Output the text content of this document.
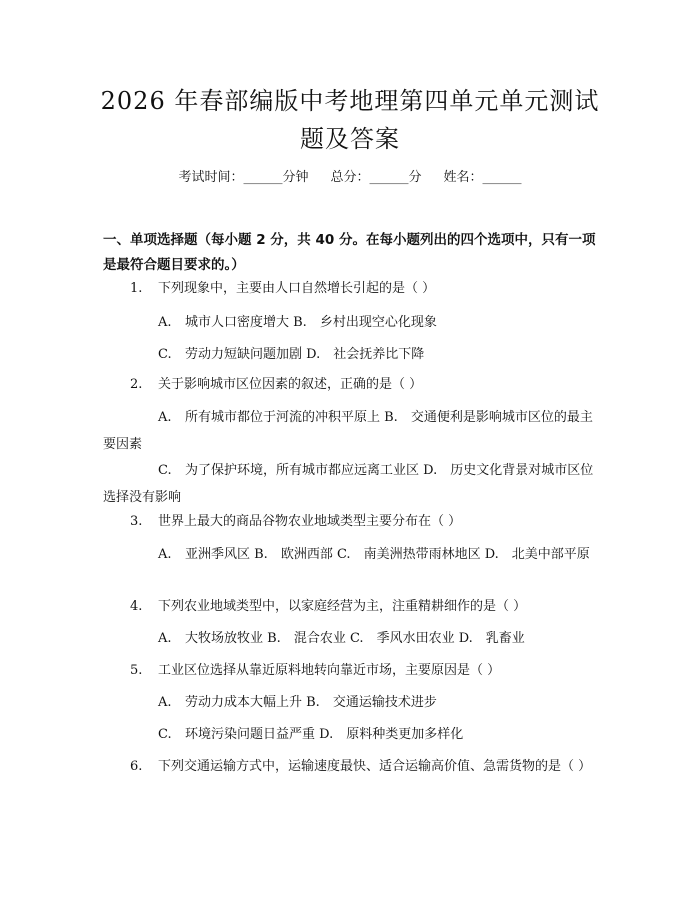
2026 年春部编版中考地理第四单元单元测试
题及答案
考试时间：______分钟 总分：______分 姓名：______
一、单项选择题（每小题 2 分，共 40 分。在每小题列出的四个选项中，只有一项是最符合题目要求的。）
1. 下列现象中，主要由人口自然增长引起的是（ ）
A. 城市人口密度增大 B.　乡村出现空心化现象
C. 劳动力短缺问题加剧 D.　社会抚养比下降
2. 关于影响城市区位因素的叙述，正确的是（ ）
A. 所有城市都位于河流的冲积平原上 B.　交通便利是影响城市区位的最主要因素
C. 为了保护环境，所有城市都应远离工业区 D.　历史文化背景对城市区位选择没有影响
3. 世界上最大的商品谷物农业地域类型主要分布在（ ）
A. 亚洲季风区 B.　欧洲西部 C.　南美洲热带雨林地区 D.　北美中部平原
4. 下列农业地域类型中，以家庭经营为主，注重精耕细作的是（ ）
A. 大牧场放牧业 B.　混合农业 C.　季风水田农业 D.　乳畜业
5. 工业区位选择从靠近原料地转向靠近市场，主要原因是（ ）
A. 劳动力成本大幅上升 B.　交通运输技术进步
C. 环境污染问题日益严重 D.　原料种类更加多样化
6. 下列交通运输方式中，运输速度最快、适合运输高价值、急需货物的是（ ）
